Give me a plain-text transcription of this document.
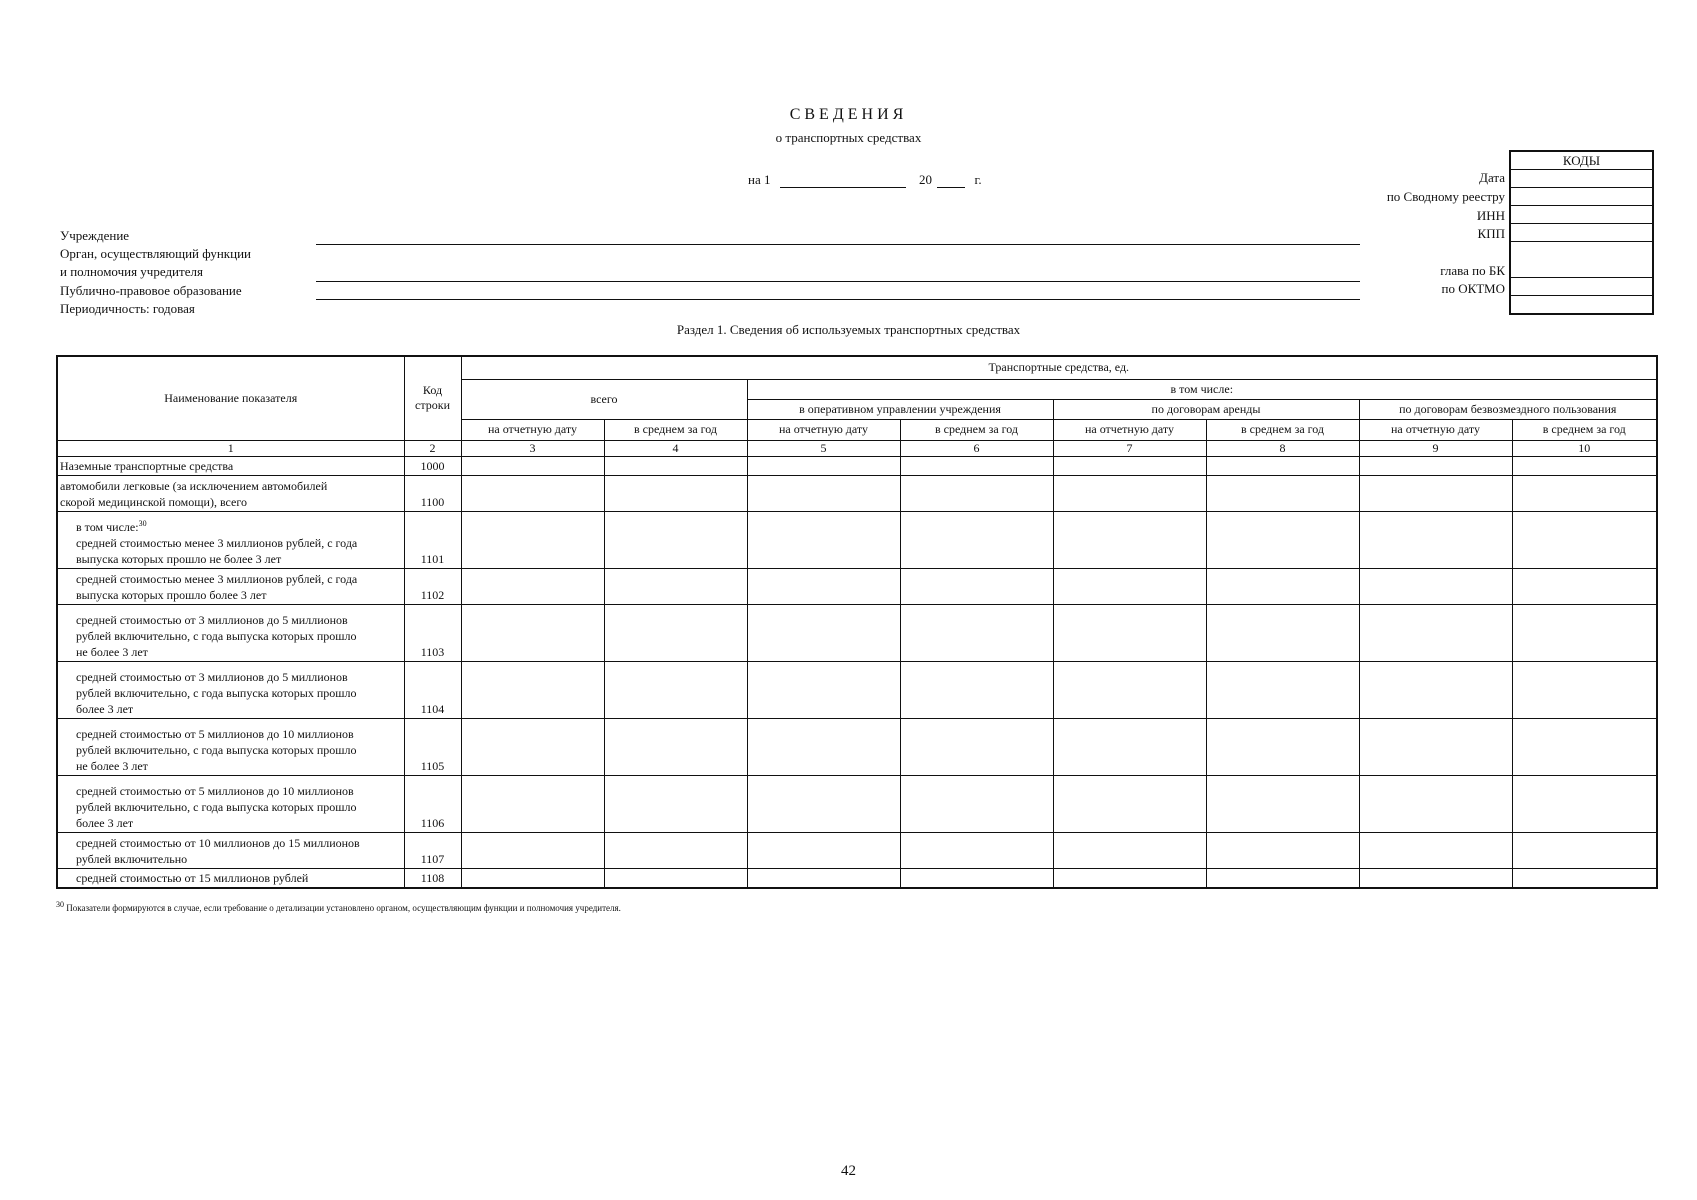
СВЕДЕНИЯ
о транспортных средствах
на 1	20	г.	Дата
по Сводному реестру
ИНН
КПП
глава по БК
по ОКТМО
КОДЫ
Учреждение
Орган, осуществляющий функции
и полномочия учредителя
Публично-правовое образование
Периодичность: годовая
Раздел 1. Сведения об используемых транспортных средствах
Наименование показателя	Код
строки	Транспортные средства, ед.							
		всего		в том числе:					
				в оперативном управлении учреждения		по договорам аренды		по договорам безвозмездного пользования	
		на отчетную дату	в среднем за год	на отчетную дату	в среднем за год	на отчетную дату	в среднем за год	на отчетную дату	в среднем за год
1	2	3	4	5	6	7	8	9	10
Наземные транспортные средства	1000								
автомобили легковые (за исключением автомобилей
скорой медицинской помощи), всего	1100								
в том числе:$^{30}$
средней стоимостью менее 3 миллионов рублей, с года
выпуска которых прошло не более 3 лет	1101								
средней стоимостью менее 3 миллионов рублей, с года
выпуска которых прошло более 3 лет	1102								
средней стоимостью от 3 миллионов до 5 миллионов
рублей включительно, с года выпуска которых прошло
не более 3 лет	1103								
средней стоимостью от 3 миллионов до 5 миллионов
рублей включительно, с года выпуска которых прошло
более 3 лет	1104								
средней стоимостью от 5 миллионов до 10 миллионов
рублей включительно, с года выпуска которых прошло
не более 3 лет	1105								
средней стоимостью от 5 миллионов до 10 миллионов
рублей включительно, с года выпуска которых прошло
более 3 лет	1106								
средней стоимостью от 10 миллионов до 15 миллионов
рублей включительно	1107								
средней стоимостью от 15 миллионов рублей	1108								
$^{30}$ Показатели формируются в случае, если требование о детализации установлено органом, осуществляющим функции и полномочия учредителя.
42
